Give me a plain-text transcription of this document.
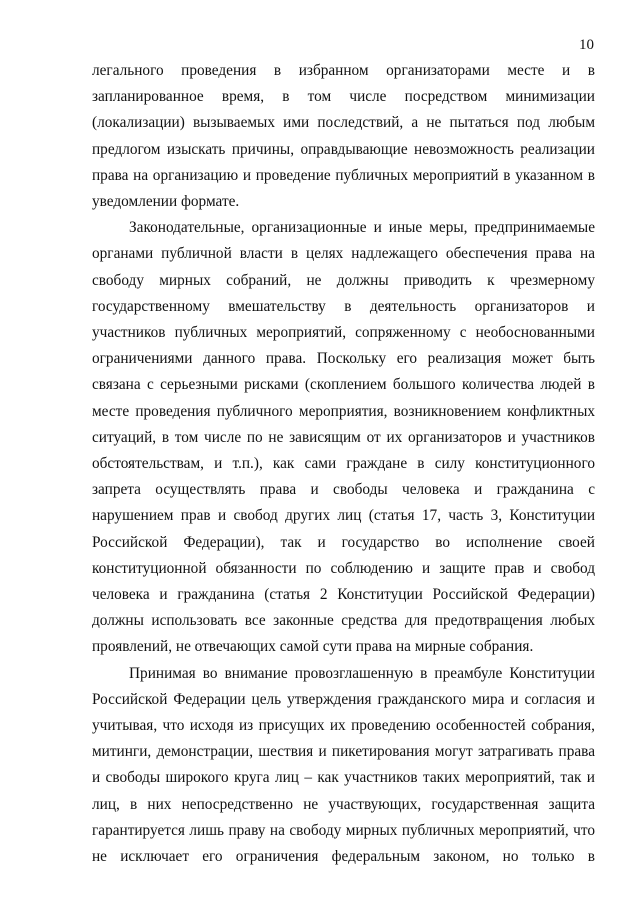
10

легального проведения в избранном организаторами месте и в запланированное время, в том числе посредством минимизации (локализации) вызываемых ими последствий, а не пытаться под любым предлогом изыскать причины, оправдывающие невозможность реализации права на организацию и проведение публичных мероприятий в указанном в уведомлении формате.

Законодательные, организационные и иные меры, предпринимаемые органами публичной власти в целях надлежащего обеспечения права на свободу мирных собраний, не должны приводить к чрезмерному государственному вмешательству в деятельность организаторов и участников публичных мероприятий, сопряженному с необоснованными ограничениями данного права. Поскольку его реализация может быть связана с серьезными рисками (скоплением большого количества людей в месте проведения публичного мероприятия, возникновением конфликтных ситуаций, в том числе по не зависящим от их организаторов и участников обстоятельствам, и т.п.), как сами граждане в силу конституционного запрета осуществлять права и свободы человека и гражданина с нарушением прав и свобод других лиц (статья 17, часть 3, Конституции Российской Федерации), так и государство во исполнение своей конституционной обязанности по соблюдению и защите прав и свобод человека и гражданина (статья 2 Конституции Российской Федерации) должны использовать все законные средства для предотвращения любых проявлений, не отвечающих самой сути права на мирные собрания.

Принимая во внимание провозглашенную в преамбуле Конституции Российской Федерации цель утверждения гражданского мира и согласия и учитывая, что исходя из присущих их проведению особенностей собрания, митинги, демонстрации, шествия и пикетирования могут затрагивать права и свободы широкого круга лиц – как участников таких мероприятий, так и лиц, в них непосредственно не участвующих, государственная защита гарантируется лишь праву на свободу мирных публичных мероприятий, что не исключает его ограничения федеральным законом, но только в
